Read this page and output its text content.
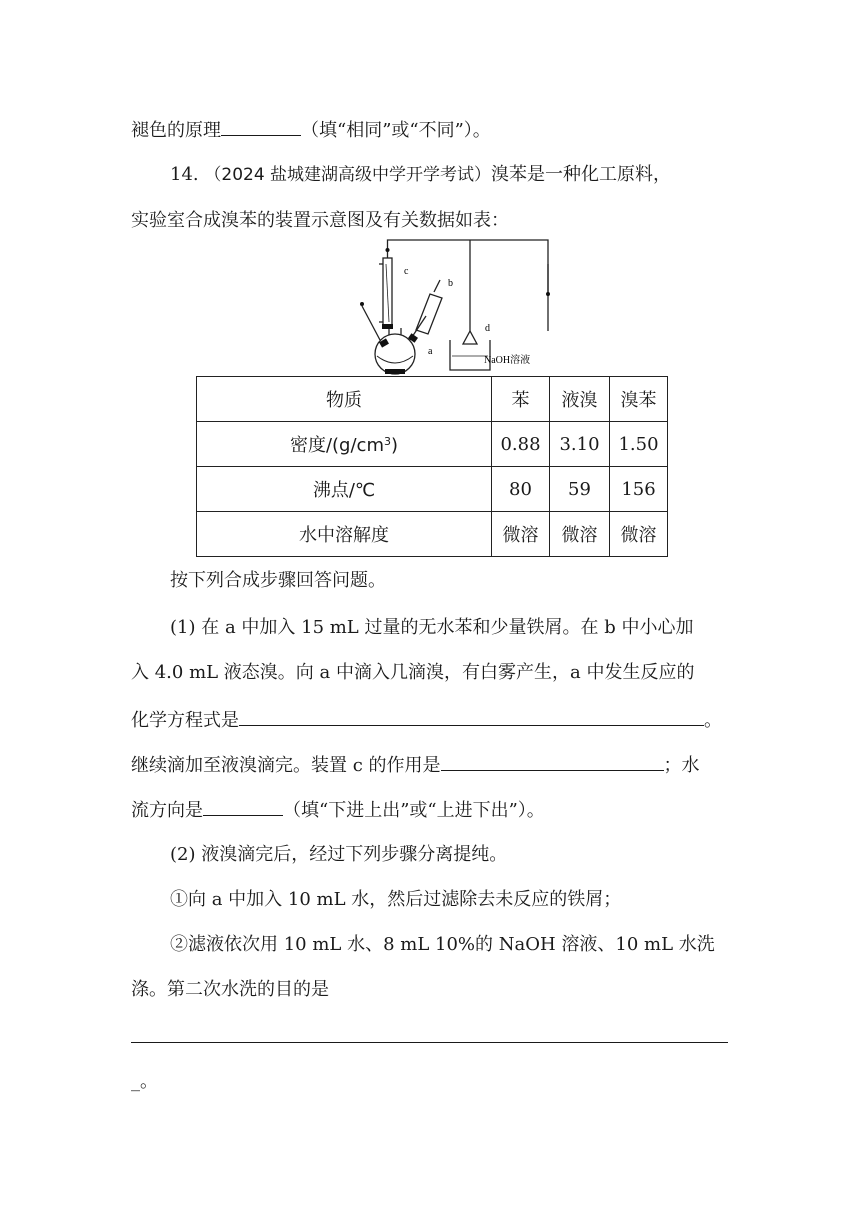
褪色的原理	（填“相同”或“不同”）。
14. （2024 盐城建湖高级中学开学考试）溴苯是一种化工原料，
实验室合成溴苯的装置示意图及有关数据如表：
c
b
a
d
NaOH溶液
物质	苯	液溴	溴苯
密度$/(g/cm^3)$	0.88	3.10	1.50
沸点/℃	80	59	156
水中溶解度	微溶	微溶	微溶
按下列合成步骤回答问题。
(1) 在 a 中加入 15 mL 过量的无水苯和少量铁屑。在 b 中小心加
入 4.0 mL 液态溴。向 a 中滴入几滴溴，有白雾产生，a 中发生反应的
化学方程式是	。
继续滴加至液溴滴完。装置 c 的作用是	；水
流方向是	（填“下进上出”或“上进下出”）。
(2) 液溴滴完后，经过下列步骤分离提纯。
①向 a 中加入 10 mL 水，然后过滤除去未反应的铁屑；
②滤液依次用 10 mL 水、8 mL 10%的 NaOH 溶液、10 mL 水洗
涤。第二次水洗的目的是
_。
